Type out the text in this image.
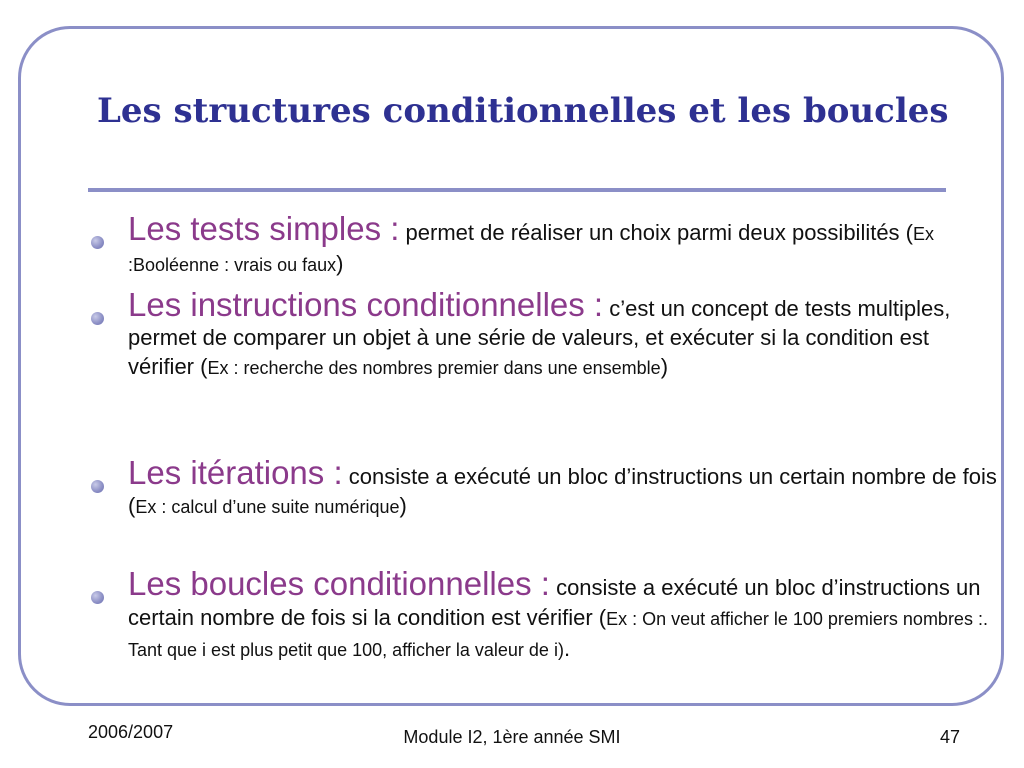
Les structures conditionnelles et les boucles
Les tests simples : permet de réaliser un choix parmi deux possibilités (Ex :Booléenne : vrais ou faux)
Les instructions conditionnelles : c’est un concept de tests multiples, permet de comparer un objet à une série de valeurs, et exécuter si la condition est vérifier (Ex : recherche des nombres premier dans une ensemble)
Les itérations : consiste a exécuté un bloc d’instructions un certain nombre de fois (Ex : calcul d’une suite numérique)
Les boucles conditionnelles : consiste a exécuté un bloc d’instructions un certain nombre de fois si la condition est vérifier (Ex : On veut afficher le 100 premiers nombres :. Tant que i est plus petit que 100, afficher la valeur de i).
2006/2007	Module I2, 1ère année SMI	47
